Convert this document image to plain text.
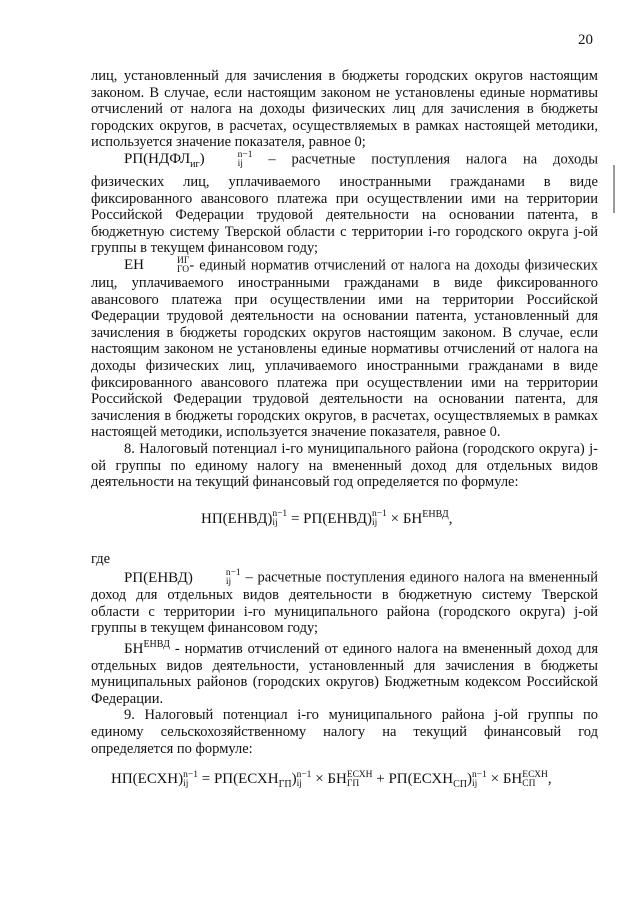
20

лиц, установленный для зачисления в бюджеты городских округов настоящим законом. В случае, если настоящим законом не установлены единые нормативы отчислений от налога на доходы физических лиц для зачисления в бюджеты городских округов, в расчетах, осуществляемых в рамках настоящей методики, используется значение показателя, равное 0;

$РП(НДФЛ_{иг})$	n−1
ij – расчетные поступления налога на доходы физических лиц, уплачиваемого иностранными гражданами в виде фиксированного авансового платежа при осуществлении ими на территории Российской Федерации трудовой деятельности на основании патента, в бюджетную систему Тверской области с территории i-го городского округа j-ой группы в текущем финансовом году;

ЕН	ИГ
ГО - единый норматив отчислений от налога на доходы физических лиц, уплачиваемого иностранными гражданами в виде фиксированного авансового платежа при осуществлении ими на территории Российской Федерации трудовой деятельности на основании патента, установленный для зачисления в бюджеты городских округов настоящим законом. В случае, если настоящим законом не установлены единые нормативы отчислений от налога на доходы физических лиц, уплачиваемого иностранными гражданами в виде фиксированного авансового платежа при осуществлении ими на территории Российской Федерации трудовой деятельности на основании патента, для зачисления в бюджеты городских округов, в расчетах, осуществляемых в рамках настоящей методики, используется значение показателя, равное 0.

8. Налоговый потенциал i-го муниципального района (городского округа) j-ой группы по единому налогу на вмененный доход для отдельных видов деятельности на текущий финансовый год определяется по формуле:

НП(ЕНВД) n−1
ij = РП(ЕНВД) n−1
ij × $БН^{ЕНВД}$,

где

РП(ЕНВД)	n−1
ij – расчетные поступления единого налога на вмененный доход для отдельных видов деятельности в бюджетную систему Тверской области с территории i-го муниципального района (городского округа) j-ой группы в текущем финансовом году;

$БН^{ЕНВД}$ - норматив отчислений от единого налога на вмененный доход для отдельных видов деятельности, установленный для зачисления в бюджеты муниципальных районов (городских округов) Бюджетным кодексом Российской Федерации.

9. Налоговый потенциал i-го муниципального района j-ой группы по единому сельскохозяйственному налогу на текущий финансовый год определяется по формуле:

НП(ЕСХН) n−1
ij = $РП(ЕСХН_{ГП})$ n−1
ij × БН ЕСХН
ГП + $РП(ЕСХН_{СП})$ n−1
ij × БН ЕСХН
СП ,
